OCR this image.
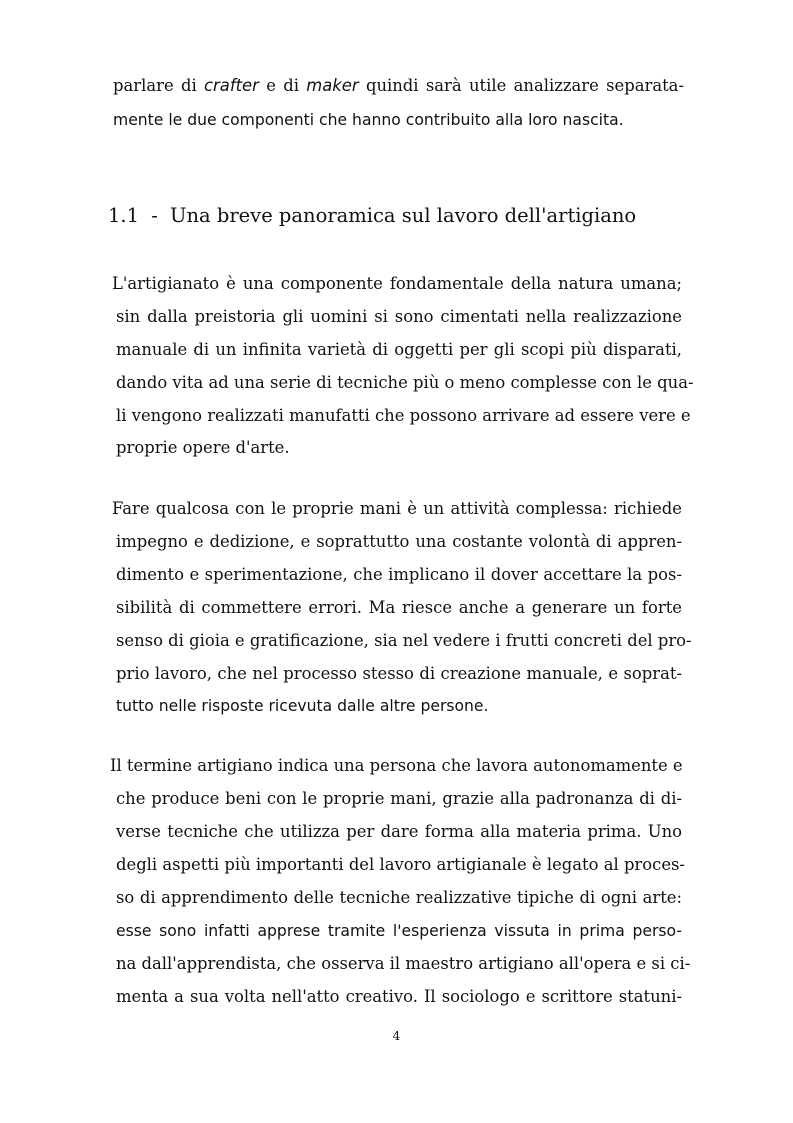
parlare di crafter e di maker quindi sarà utile analizzare separata-
mente le due componenti che hanno contribuito alla loro nascita.
1.1 - Una breve panoramica sul lavoro dell'artigiano
L'artigianato è una componente fondamentale della natura umana;
sin dalla preistoria gli uomini si sono cimentati nella realizzazione
manuale di un infinita varietà di oggetti per gli scopi più disparati,
dando vita ad una serie di tecniche più o meno complesse con le qua-
li vengono realizzati manufatti che possono arrivare ad essere vere e
proprie opere d'arte.
Fare qualcosa con le proprie mani è un attività complessa: richiede
impegno e dedizione, e soprattutto una costante volontà di appren-
dimento e sperimentazione, che implicano il dover accettare la pos-
sibilità di commettere errori. Ma riesce anche a generare un forte
senso di gioia e gratificazione, sia nel vedere i frutti concreti del pro-
prio lavoro, che nel processo stesso di creazione manuale, e soprat-
tutto nelle risposte ricevuta dalle altre persone.
Il termine artigiano indica una persona che lavora autonomamente e
che produce beni con le proprie mani, grazie alla padronanza di di-
verse tecniche che utilizza per dare forma alla materia prima. Uno
degli aspetti più importanti del lavoro artigianale è legato al proces-
so di apprendimento delle tecniche realizzative tipiche di ogni arte:
esse sono infatti apprese tramite l'esperienza vissuta in prima perso-
na dall'apprendista, che osserva il maestro artigiano all'opera e si ci-
menta a sua volta nell'atto creativo. Il sociologo e scrittore statuni-
4
